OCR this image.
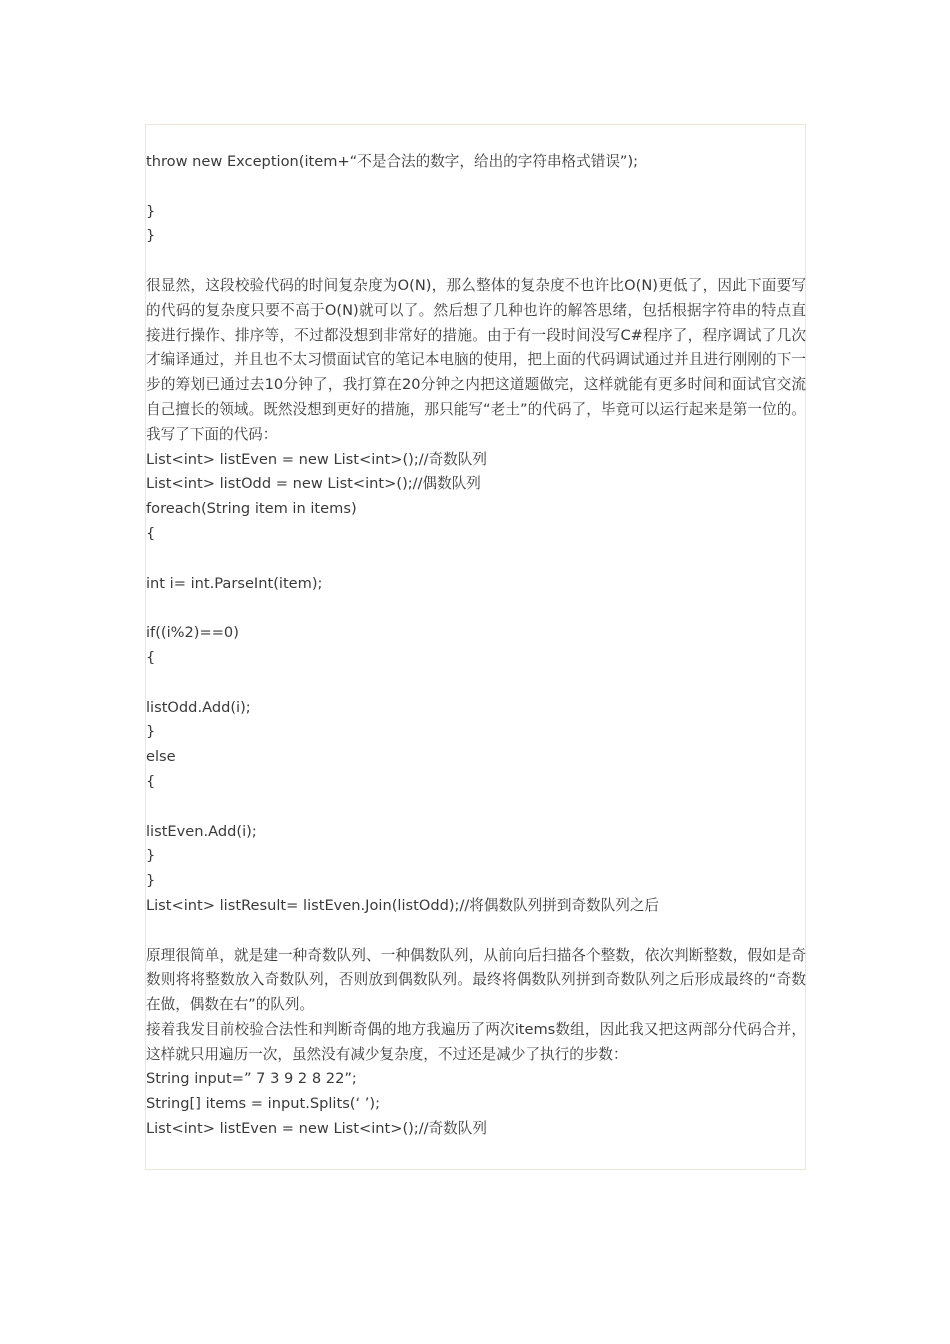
throw new Exception(item+“不是合法的数字，给出的字符串格式错误”);
}
}
很显然，这段校验代码的时间复杂度为O(N)，那么整体的复杂度不也许比O(N)更低了，因此下面要写的代码的复杂度只要不高于O(N)就可以了。然后想了几种也许的解答思绪，包括根据字符串的特点直接进行操作、排序等，不过都没想到非常好的措施。由于有一段时间没写C#程序了，程序调试了几次才编译通过，并且也不太习惯面试官的笔记本电脑的使用，把上面的代码调试通过并且进行刚刚的下一步的筹划已通过去10分钟了，我打算在20分钟之内把这道题做完，这样就能有更多时间和面试官交流自己擅长的领域。既然没想到更好的措施，那只能写“老土”的代码了，毕竟可以运行起来是第一位的。我写了下面的代码：
List<int> listEven = new List<int>();//奇数队列
List<int> listOdd = new List<int>();//偶数队列
foreach(String item in items)
{
int i= int.ParseInt(item);
if((i%2)==0)
{
listOdd.Add(i);
}
else
{
listEven.Add(i);
}
}
List<int> listResult= listEven.Join(listOdd);//将偶数队列拼到奇数队列之后
原理很简单，就是建一种奇数队列、一种偶数队列，从前向后扫描各个整数，依次判断整数，假如是奇数则将将整数放入奇数队列，否则放到偶数队列。最终将偶数队列拼到奇数队列之后形成最终的“奇数在做，偶数在右”的队列。
接着我发目前校验合法性和判断奇偶的地方我遍历了两次items数组，因此我又把这两部分代码合并，这样就只用遍历一次，虽然没有减少复杂度，不过还是减少了执行的步数：
String input=” 7 3 9 2 8 22”;
String[] items = input.Splits(‘ ’);
List<int> listEven = new List<int>();//奇数队列
